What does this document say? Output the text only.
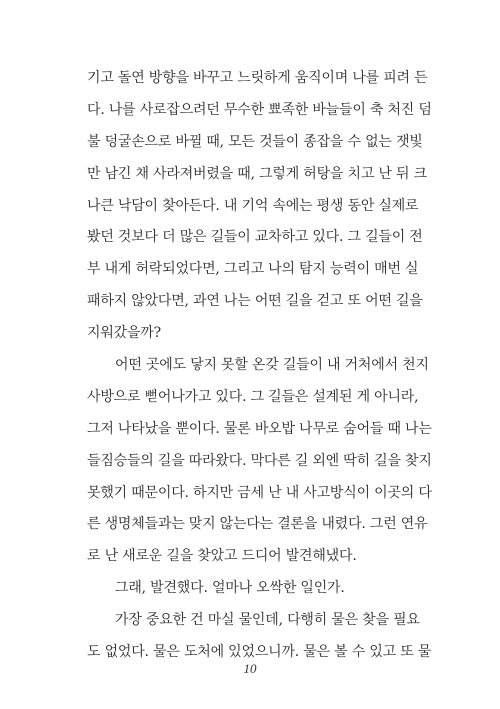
기고 돌연 방향을 바꾸고 느릿하게 움직이며 나를 피려 든
다. 나를 사로잡으려던 무수한 뾰족한 바늘들이 축 처진 덤
불 덩굴손으로 바뀔 때, 모든 것들이 종잡을 수 없는 잿빛
만 남긴 채 사라져버렸을 때, 그렇게 허탕을 치고 난 뒤 크
나큰 낙담이 찾아든다. 내 기억 속에는 평생 동안 실제로
봤던 것보다 더 많은 길들이 교차하고 있다. 그 길들이 전
부 내게 허락되었다면, 그리고 나의 탐지 능력이 매번 실
패하지 않았다면, 과연 나는 어떤 길을 걷고 또 어떤 길을
지워갔을까?
어떤 곳에도 닿지 못할 온갖 길들이 내 거처에서 천지
사방으로 뻗어나가고 있다. 그 길들은 설계된 게 아니라,
그저 나타났을 뿐이다. 물론 바오밥 나무로 숨어들 때 나는
들짐승들의 길을 따라왔다. 막다른 길 외엔 딱히 길을 찾지
못했기 때문이다. 하지만 금세 난 내 사고방식이 이곳의 다
른 생명체들과는 맞지 않는다는 결론을 내렸다. 그런 연유
로 난 새로운 길을 찾았고 드디어 발견해냈다.
그래, 발견했다. 얼마나 오싹한 일인가.
가장 중요한 건 마실 물인데, 다행히 물은 찾을 필요
도 없었다. 물은 도처에 있었으니까. 물은 볼 수 있고 또 물
10
